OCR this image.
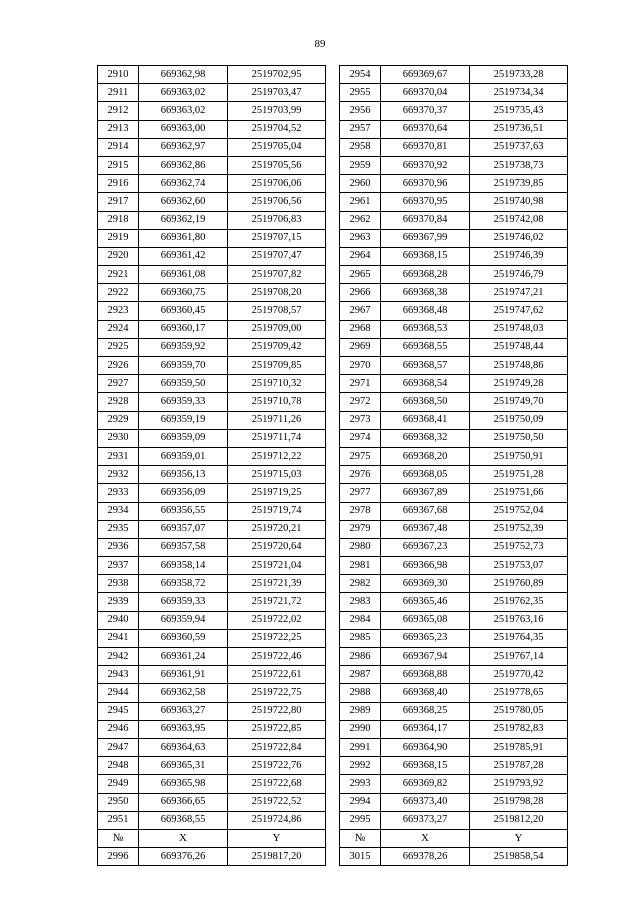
89
2910	669362,98	2519702,95		2954	669369,67	2519733,28
2911	669363,02	2519703,47		2955	669370,04	2519734,34
2912	669363,02	2519703,99		2956	669370,37	2519735,43
2913	669363,00	2519704,52		2957	669370,64	2519736,51
2914	669362,97	2519705,04		2958	669370,81	2519737,63
2915	669362,86	2519705,56		2959	669370,92	2519738,73
2916	669362,74	2519706,06		2960	669370,96	2519739,85
2917	669362,60	2519706,56		2961	669370,95	2519740,98
2918	669362,19	2519706,83		2962	669370,84	2519742,08
2919	669361,80	2519707,15		2963	669367,99	2519746,02
2920	669361,42	2519707,47		2964	669368,15	2519746,39
2921	669361,08	2519707,82		2965	669368,28	2519746,79
2922	669360,75	2519708,20		2966	669368,38	2519747,21
2923	669360,45	2519708,57		2967	669368,48	2519747,62
2924	669360,17	2519709,00		2968	669368,53	2519748,03
2925	669359,92	2519709,42		2969	669368,55	2519748,44
2926	669359,70	2519709,85		2970	669368,57	2519748,86
2927	669359,50	2519710,32		2971	669368,54	2519749,28
2928	669359,33	2519710,78		2972	669368,50	2519749,70
2929	669359,19	2519711,26		2973	669368,41	2519750,09
2930	669359,09	2519711,74		2974	669368,32	2519750,50
2931	669359,01	2519712,22		2975	669368,20	2519750,91
2932	669356,13	2519715,03		2976	669368,05	2519751,28
2933	669356,09	2519719,25		2977	669367,89	2519751,66
2934	669356,55	2519719,74		2978	669367,68	2519752,04
2935	669357,07	2519720,21		2979	669367,48	2519752,39
2936	669357,58	2519720,64		2980	669367,23	2519752,73
2937	669358,14	2519721,04		2981	669366,98	2519753,07
2938	669358,72	2519721,39		2982	669369,30	2519760,89
2939	669359,33	2519721,72		2983	669365,46	2519762,35
2940	669359,94	2519722,02		2984	669365,08	2519763,16
2941	669360,59	2519722,25		2985	669365,23	2519764,35
2942	669361,24	2519722,46		2986	669367,94	2519767,14
2943	669361,91	2519722,61		2987	669368,88	2519770,42
2944	669362,58	2519722,75		2988	669368,40	2519778,65
2945	669363,27	2519722,80		2989	669368,25	2519780,05
2946	669363,95	2519722,85		2990	669364,17	2519782,83
2947	669364,63	2519722,84		2991	669364,90	2519785,91
2948	669365,31	2519722,76		2992	669368,15	2519787,28
2949	669365,98	2519722,68		2993	669369,82	2519793,92
2950	669366,65	2519722,52		2994	669373,40	2519798,28
2951	669368,55	2519724,86		2995	669373,27	2519812,20
№	X	Y		№	X	Y
2996	669376,26	2519817,20		3015	669378,26	2519858,54
